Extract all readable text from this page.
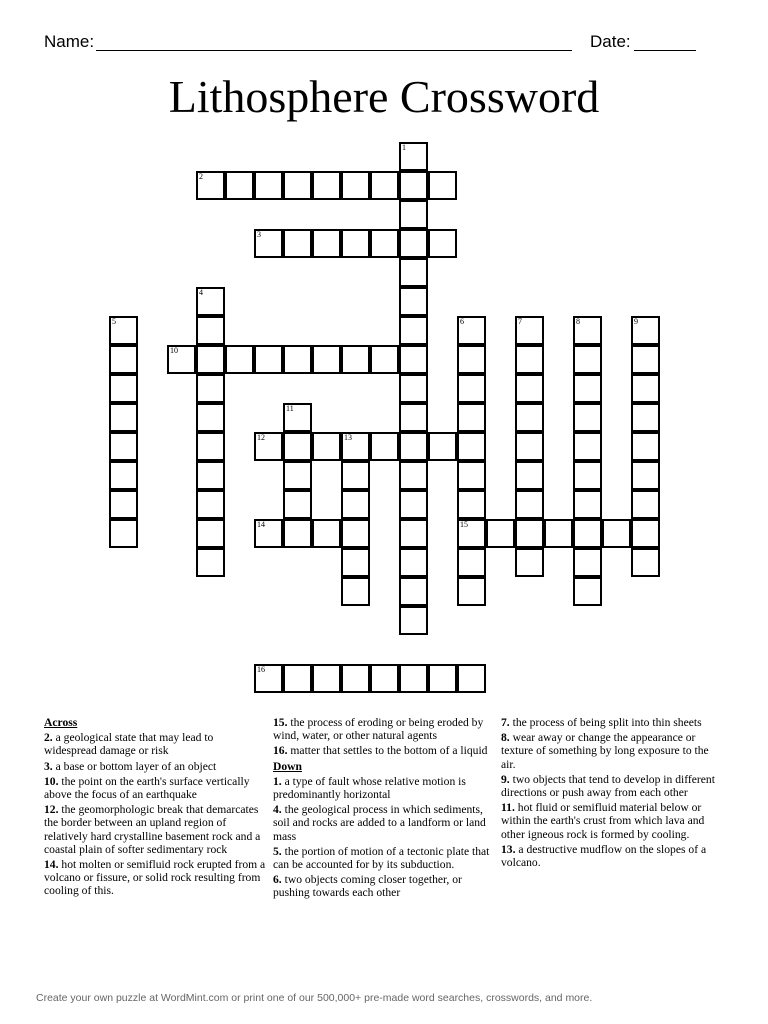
Name:	Date:
Lithosphere Crossword
1
2
3
4
5	6
15
7	8	9
10
11
12	13
14
16
Across
2. a geological state that may lead to widespread damage or risk
3. a base or bottom layer of an object
10. the point on the earth's surface vertically above the focus of an earthquake
12. the geomorphologic break that demarcates the border between an upland region of relatively hard crystalline basement rock and a coastal plain of softer sedimentary rock
14. hot molten or semifluid rock erupted from a volcano or fissure, or solid rock resulting from cooling of this.
15. the process of eroding or being eroded by wind, water, or other natural agents
16. matter that settles to the bottom of a liquid
Down
1. a type of fault whose relative motion is predominantly horizontal
4. the geological process in which sediments, soil and rocks are added to a landform or land mass
5. the portion of motion of a tectonic plate that can be accounted for by its subduction.
6. two objects coming closer together, or pushing towards each other
7. the process of being split into thin sheets
8. wear away or change the appearance or texture of something by long exposure to the air.
9. two objects that tend to develop in different directions or push away from each other
11. hot fluid or semifluid material below or within the earth's crust from which lava and other igneous rock is formed by cooling.
13. a destructive mudflow on the slopes of a volcano.
Create your own puzzle at WordMint.com or print one of our 500,000+ pre-made word searches, crosswords, and more.
